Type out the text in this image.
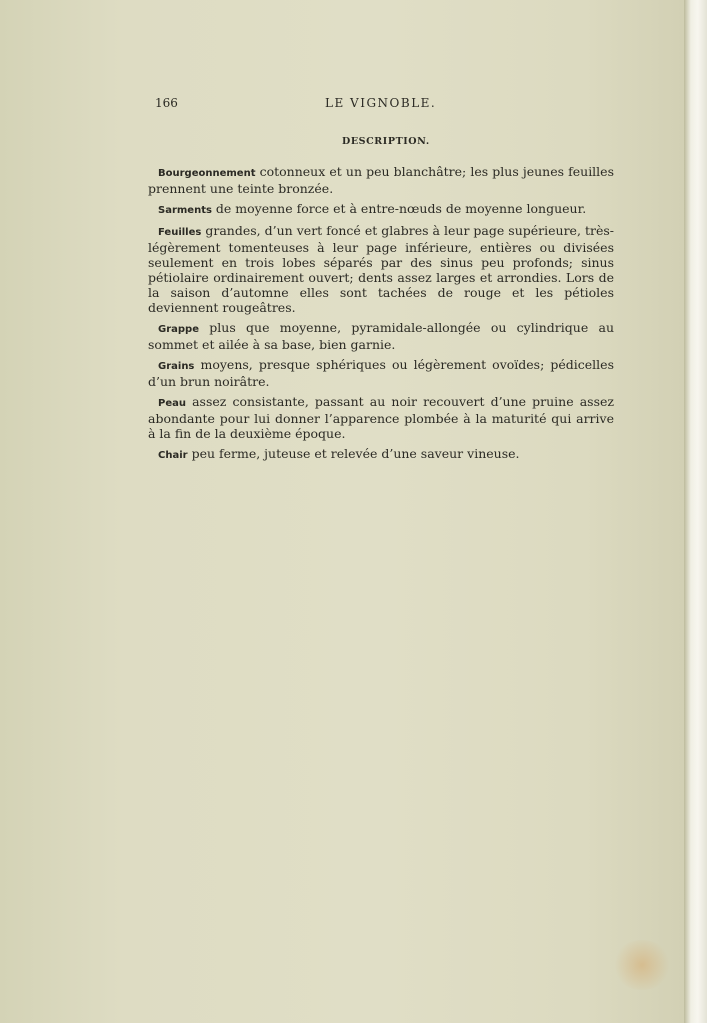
166	LE VIGNOBLE.
DESCRIPTION.

Bourgeonnement cotonneux et un peu blanchâtre; les plus jeunes feuilles prennent une teinte bronzée.

Sarments de moyenne force et à entre-nœuds de moyenne longueur.

Feuilles grandes, d’un vert foncé et glabres à leur page supérieure, très-légèrement tomenteuses à leur page inférieure, entières ou divisées seulement en trois lobes séparés par des sinus peu profonds; sinus pétiolaire ordinairement ouvert; dents assez larges et arrondies. Lors de la saison d’automne elles sont tachées de rouge et les pétioles deviennent rougeâtres.

Grappe plus que moyenne, pyramidale-allongée ou cylindrique au sommet et ailée à sa base, bien garnie.

Grains moyens, presque sphériques ou légèrement ovoïdes; pédicelles d’un brun noirâtre.

Peau assez consistante, passant au noir recouvert d’une pruine assez abondante pour lui donner l’apparence plombée à la maturité qui arrive à la fin de la deuxième époque.

Chair peu ferme, juteuse et relevée d’une saveur vineuse.
